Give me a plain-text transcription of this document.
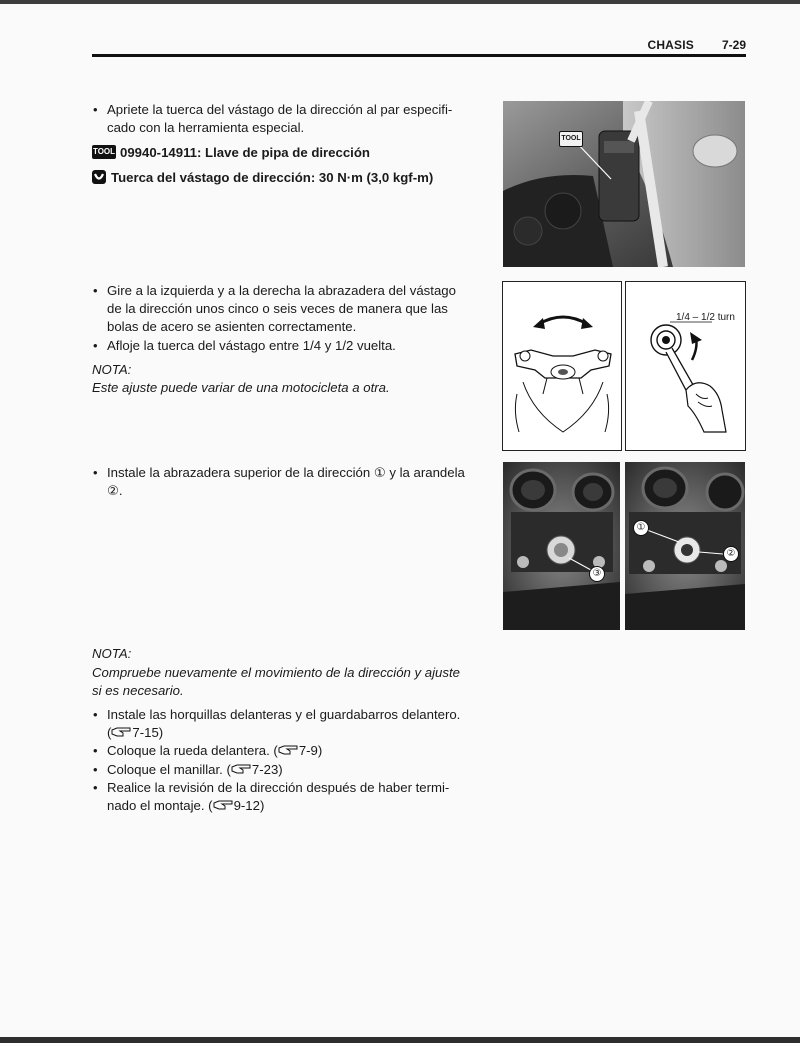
CHASIS 7-29
• Apriete la tuerca del vástago de la dirección al par especifi-
cado con la herramienta especial.
TOOL 09940-14911: Llave de pipa de dirección
Tuerca del vástago de dirección: 30 N·m (3,0 kgf-m)
TOOL
• Gire a la izquierda y a la derecha la abrazadera del vástago
de la dirección unos cinco o seis veces de manera que las
bolas de acero se asienten correctamente.
• Afloje la tuerca del vástago entre 1/4 y 1/2 vuelta.
NOTA:
Este ajuste puede variar de una motocicleta a otra.
1/4 – 1/2 turn
• Instale la abrazadera superior de la dirección ① y la arandela
②.
③
①
②
NOTA:
Compruebe nuevamente el movimiento de la dirección y ajuste
si es necesario.
• Instale las horquillas delanteras y el guardabarros delantero.
( 7-15)
• Coloque la rueda delantera. ( 7-9)
• Coloque el manillar. ( 7-23)
• Realice la revisión de la dirección después de haber termi-
nado el montaje. ( 9-12)
